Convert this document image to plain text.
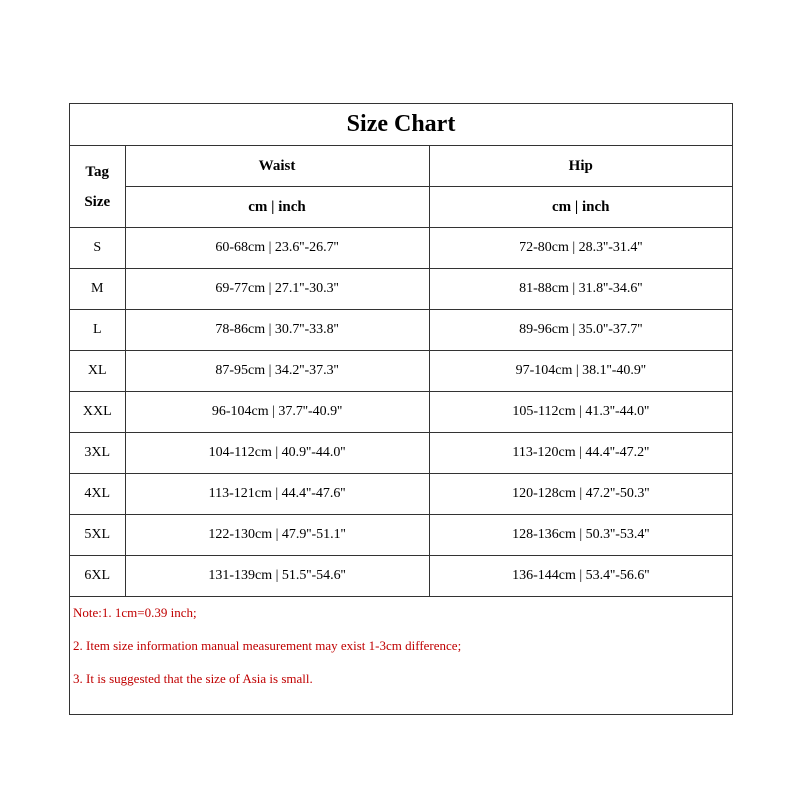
Size Chart		

Tag
Size	Waist	Hip
	cm | inch	cm | inch
S	60-68cm | 23.6''-26.7''	72-80cm | 28.3''-31.4''
M	69-77cm | 27.1''-30.3''	81-88cm | 31.8''-34.6''
L	78-86cm | 30.7''-33.8''	89-96cm | 35.0''-37.7''
XL	87-95cm | 34.2''-37.3''	97-104cm | 38.1''-40.9''
XXL	96-104cm | 37.7''-40.9''	105-112cm | 41.3''-44.0''
3XL	104-112cm | 40.9''-44.0''	113-120cm | 44.4''-47.2''
4XL	113-121cm | 44.4''-47.6''	120-128cm | 47.2''-50.3''
5XL	122-130cm | 47.9''-51.1''	128-136cm | 50.3''-53.4''
6XL	131-139cm | 51.5''-54.6''	136-144cm | 53.4''-56.6''
Note:1. 1cm=0.39 inch;
2. Item size information manual measurement may exist 1-3cm difference;
3. It is suggested that the size of Asia is small.
